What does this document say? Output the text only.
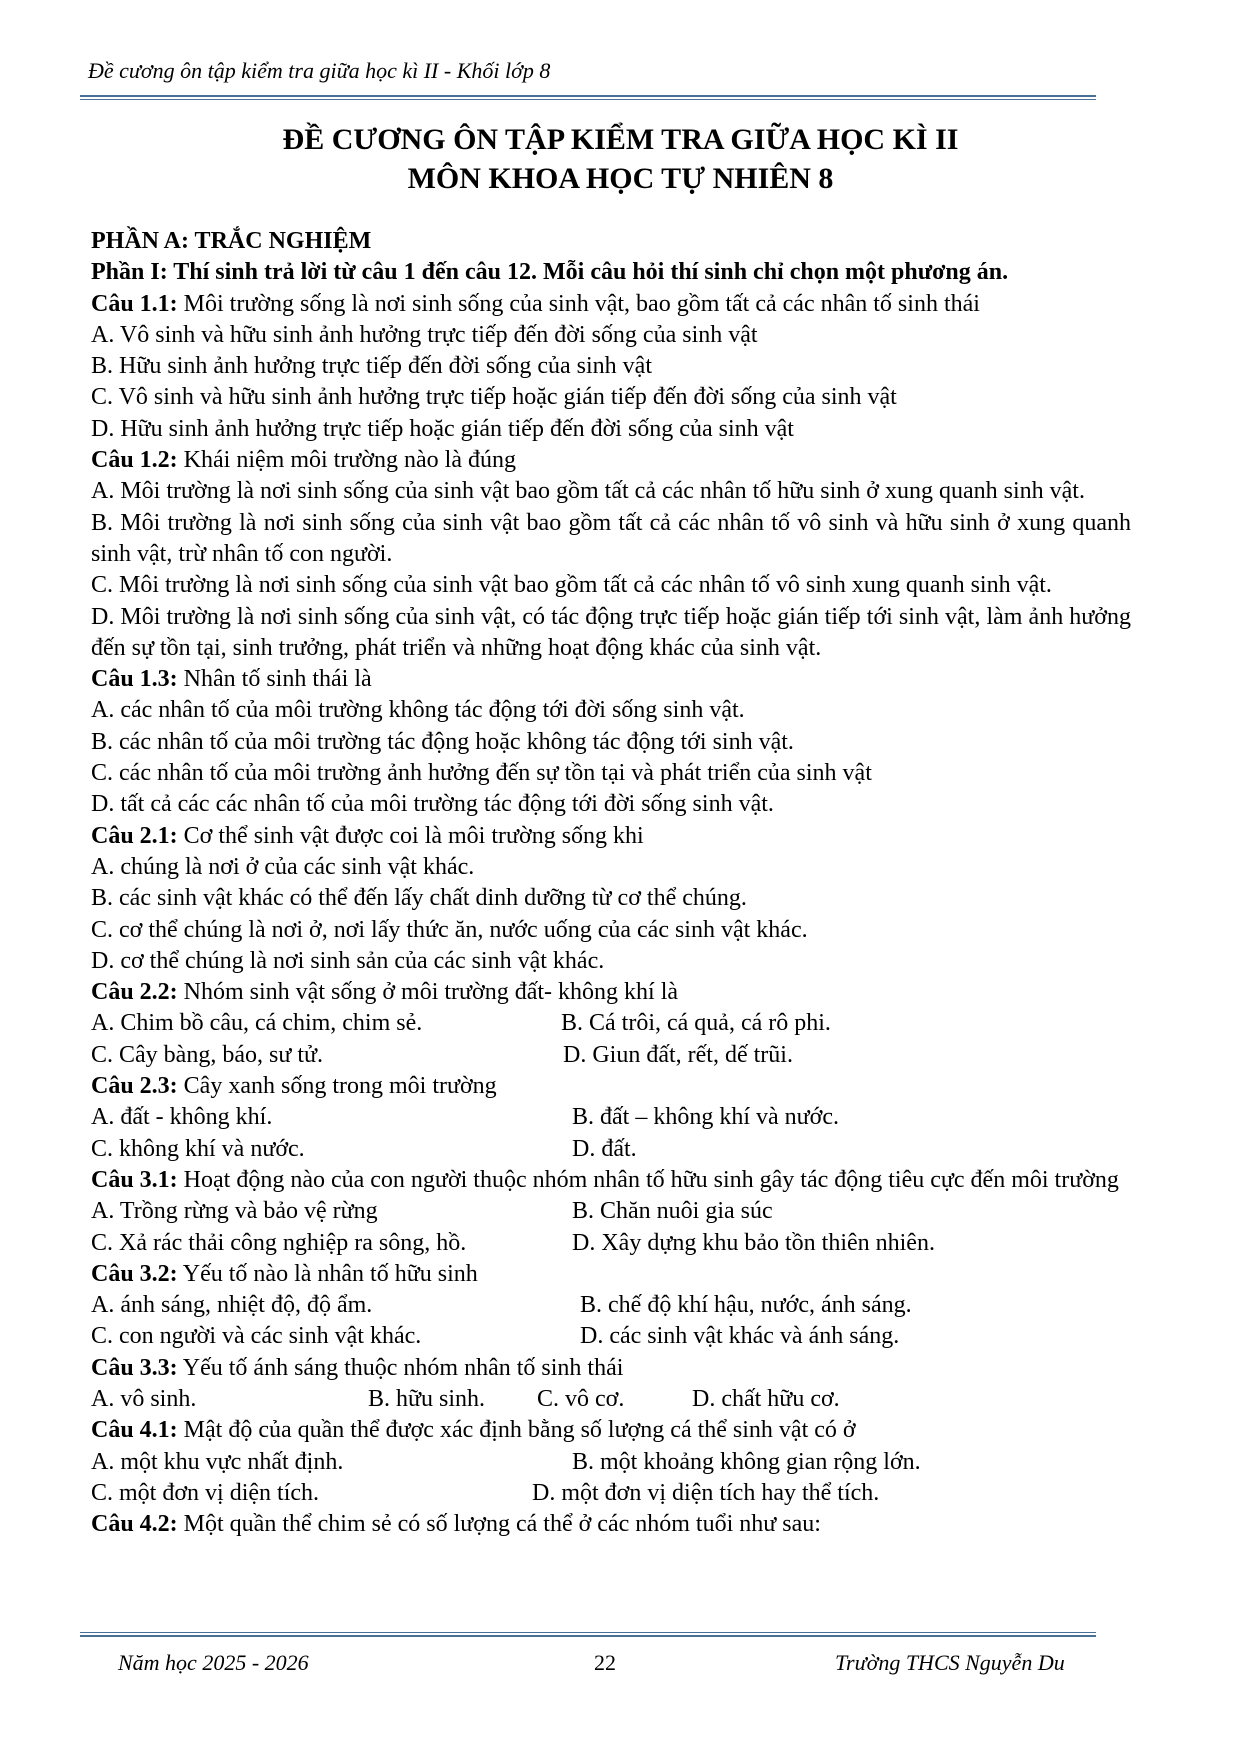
Đề cương ôn tập kiểm tra giữa học kì II - Khối lớp 8
ĐỀ CƯƠNG ÔN TẬP KIỂM TRA GIỮA HỌC KÌ II
MÔN KHOA HỌC TỰ NHIÊN 8

PHẦN A: TRẮC NGHIỆM

Phần I: Thí sinh trả lời từ câu 1 đến câu 12. Mỗi câu hỏi thí sinh chỉ chọn một phương án.

Câu 1.1: Môi trường sống là nơi sinh sống của sinh vật, bao gồm tất cả các nhân tố sinh thái

A. Vô sinh và hữu sinh ảnh hưởng trực tiếp đến đời sống của sinh vật

B. Hữu sinh ảnh hưởng trực tiếp đến đời sống của sinh vật

C. Vô sinh và hữu sinh ảnh hưởng trực tiếp hoặc gián tiếp đến đời sống của sinh vật

D. Hữu sinh ảnh hưởng trực tiếp hoặc gián tiếp đến đời sống của sinh vật

Câu 1.2: Khái niệm môi trường nào là đúng

A. Môi trường là nơi sinh sống của sinh vật bao gồm tất cả các nhân tố hữu sinh ở xung quanh sinh vật.

B. Môi trường là nơi sinh sống của sinh vật bao gồm tất cả các nhân tố vô sinh và hữu sinh ở xung quanh sinh vật, trừ nhân tố con người.

C. Môi trường là nơi sinh sống của sinh vật bao gồm tất cả các nhân tố vô sinh xung quanh sinh vật.

D. Môi trường là nơi sinh sống của sinh vật, có tác động trực tiếp hoặc gián tiếp tới sinh vật, làm ảnh hưởng đến sự tồn tại, sinh trưởng, phát triển và những hoạt động khác của sinh vật.

Câu 1.3: Nhân tố sinh thái là

A. các nhân tố của môi trường không tác động tới đời sống sinh vật.

B. các nhân tố của môi trường tác động hoặc không tác động tới sinh vật.

C. các nhân tố của môi trường ảnh hưởng đến sự tồn tại và phát triển của sinh vật

D. tất cả các các nhân tố của môi trường tác động tới đời sống sinh vật.

Câu 2.1: Cơ thể sinh vật được coi là môi trường sống khi

A. chúng là nơi ở của các sinh vật khác.

B. các sinh vật khác có thể đến lấy chất dinh dưỡng từ cơ thể chúng.

C. cơ thể chúng là nơi ở, nơi lấy thức ăn, nước uống của các sinh vật khác.

D. cơ thể chúng là nơi sinh sản của các sinh vật khác.

Câu 2.2: Nhóm sinh vật sống ở môi trường đất- không khí là

A. Chim bồ câu, cá chim, chim sẻ.	B. Cá trôi, cá quả, cá rô phi.
C. Cây bàng, báo, sư tử.	D. Giun đất, rết, dế trũi.

Câu 2.3: Cây xanh sống trong môi trường

A. đất - không khí.	B. đất – không khí và nước.
C. không khí và nước.	D. đất.

Câu 3.1: Hoạt động nào của con người thuộc nhóm nhân tố hữu sinh gây tác động tiêu cực đến môi trường

A. Trồng rừng và bảo vệ rừng	B. Chăn nuôi gia súc
C. Xả rác thải công nghiệp ra sông, hồ.	D. Xây dựng khu bảo tồn thiên nhiên.

Câu 3.2: Yếu tố nào là nhân tố hữu sinh

A. ánh sáng, nhiệt độ, độ ẩm.	B. chế độ khí hậu, nước, ánh sáng.
C. con người và các sinh vật khác.	D. các sinh vật khác và ánh sáng.

Câu 3.3: Yếu tố ánh sáng thuộc nhóm nhân tố sinh thái

A. vô sinh.	B. hữu sinh. C. vô cơ.	D. chất hữu cơ.

Câu 4.1: Mật độ của quần thể được xác định bằng số lượng cá thể sinh vật có ở

A. một khu vực nhất định.	B. một khoảng không gian rộng lớn.
C. một đơn vị diện tích.	D. một đơn vị diện tích hay thể tích.

Câu 4.2: Một quần thể chim sẻ có số lượng cá thể ở các nhóm tuổi như sau:

Năm học 2025 - 2026	22	Trường THCS Nguyễn Du
